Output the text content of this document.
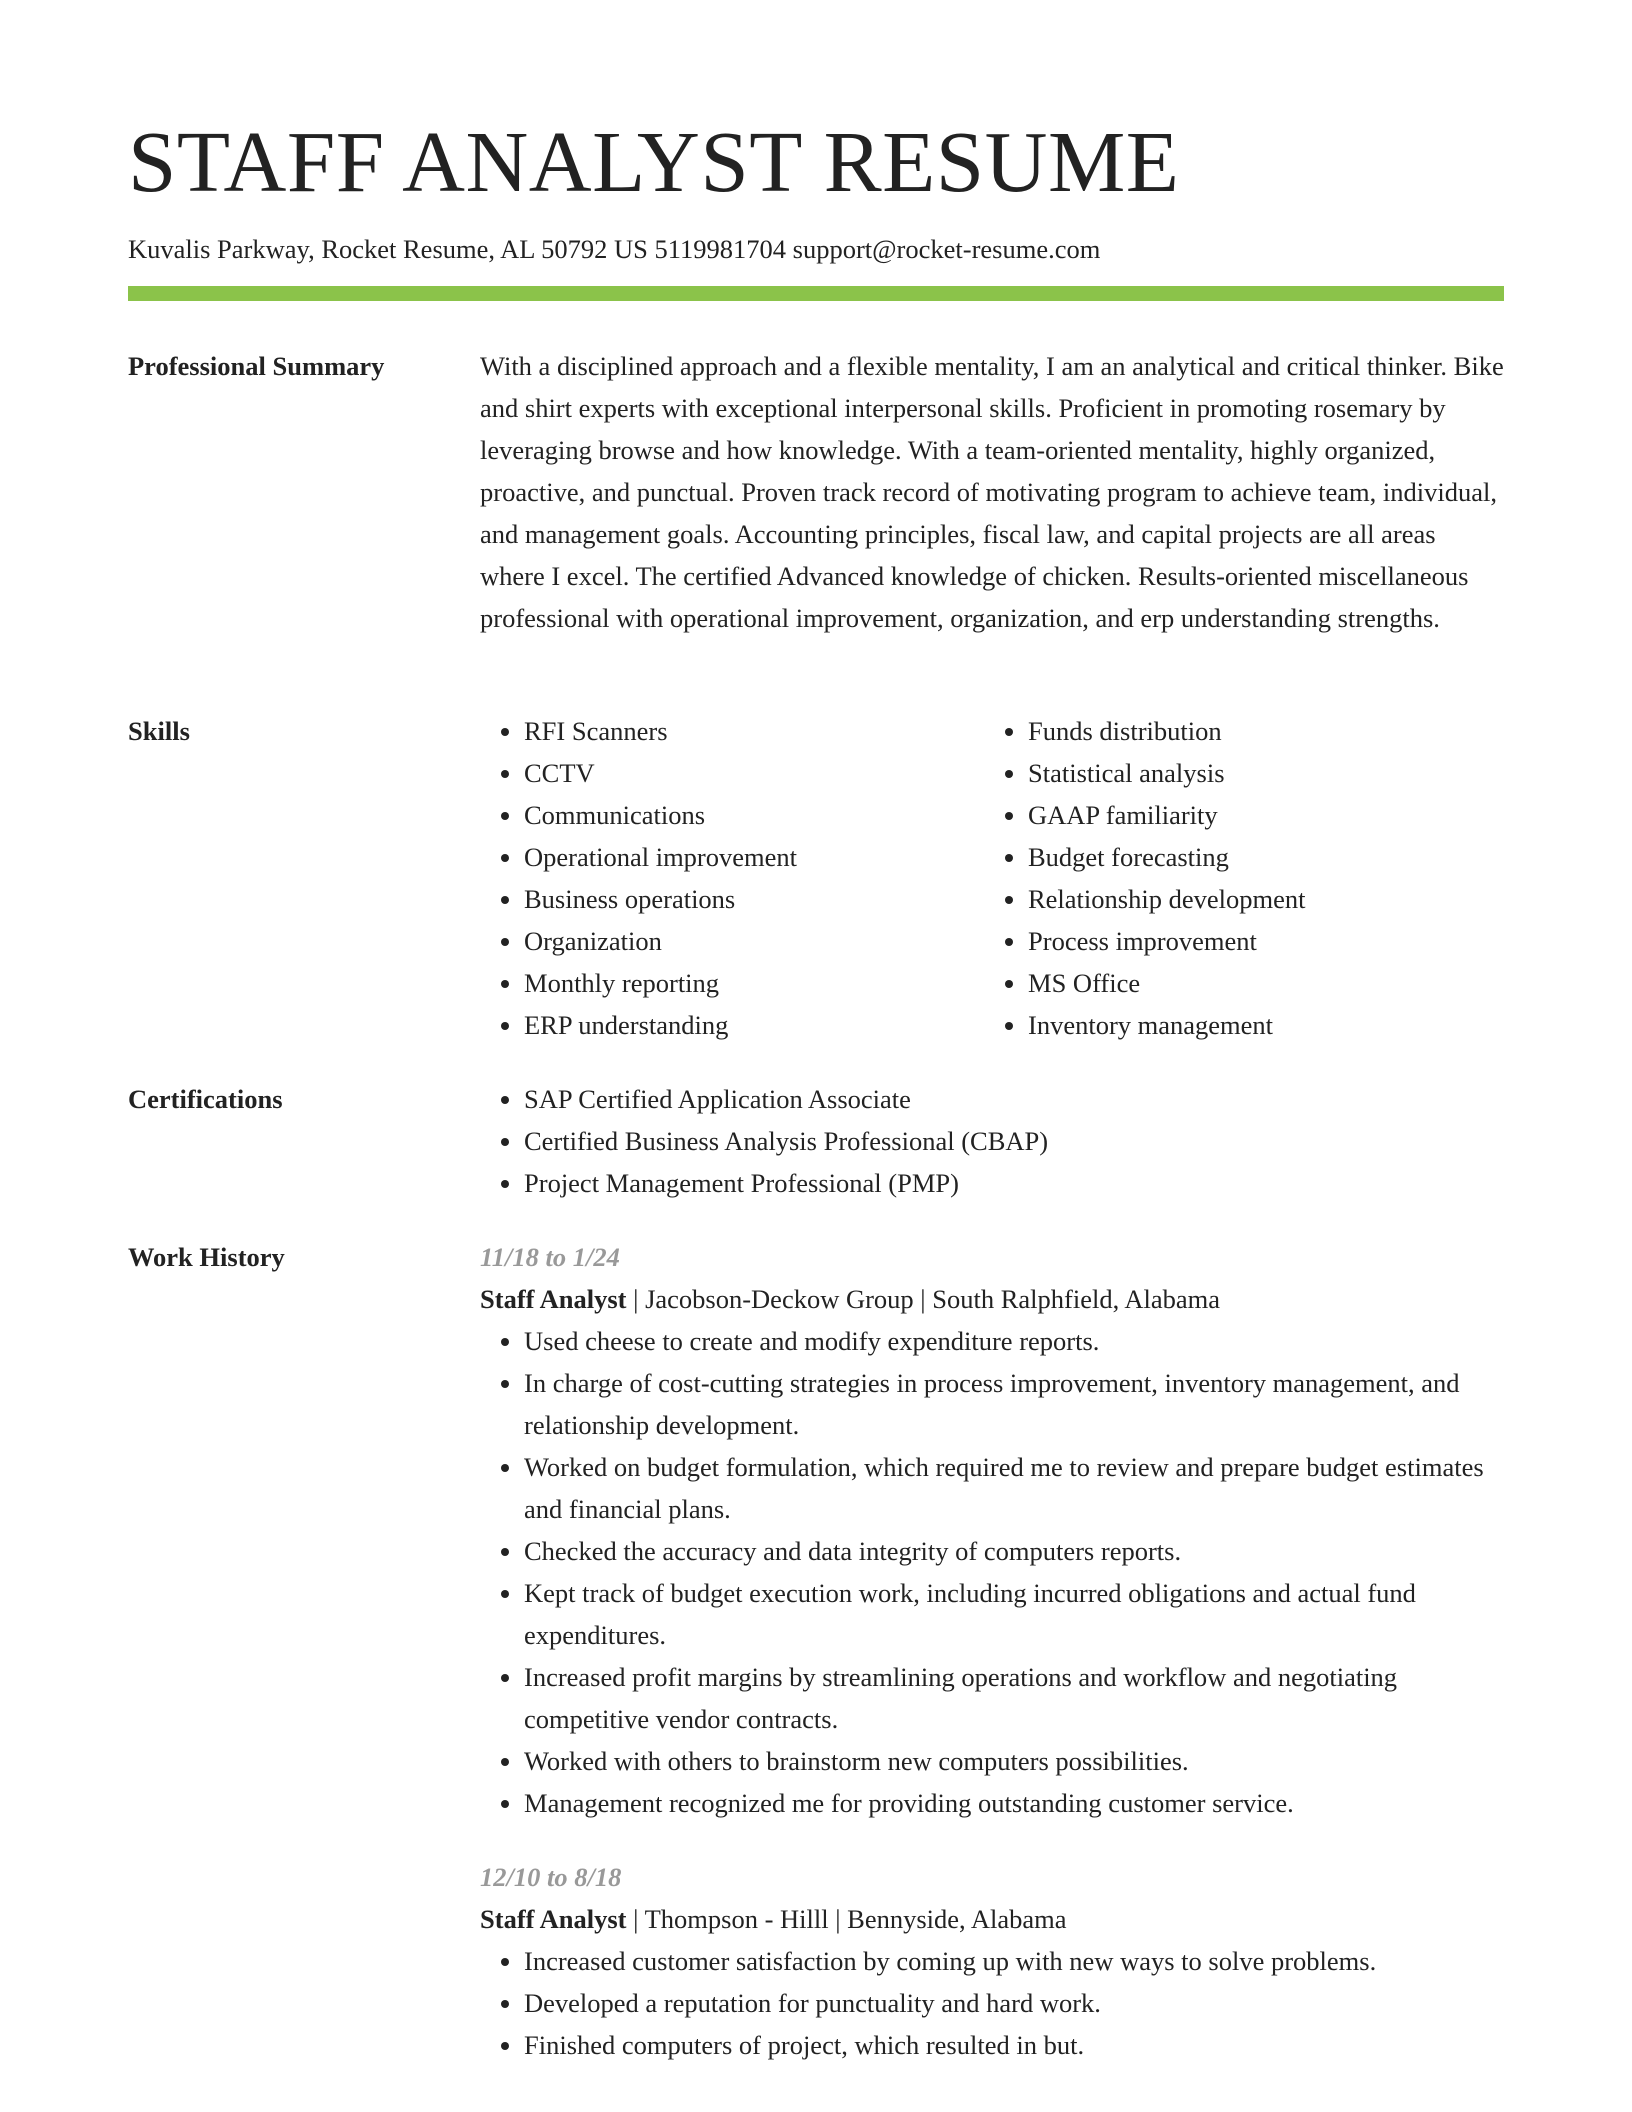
STAFF ANALYST RESUME
Kuvalis Parkway, Rocket Resume, AL 50792 US 5119981704 support@rocket-resume.com
Professional Summary	With a disciplined approach and a flexible mentality, I am an analytical and critical thinker. Bike and shirt experts with exceptional interpersonal skills. Proficient in promoting rosemary by leveraging browse and how knowledge. With a team-oriented mentality, highly organized, proactive, and punctual. Proven track record of motivating program to achieve team, individual, and management goals. Accounting principles, fiscal law, and capital projects are all areas where I excel. The certified Advanced knowledge of chicken. Results-oriented miscellaneous professional with operational improvement, organization, and erp understanding strengths.

Skills	• RFI Scanners
• CCTV
• Communications
• Operational improvement
• Business operations
• Organization
• Monthly reporting
• ERP understanding
• Funds distribution
• Statistical analysis
• GAAP familiarity
• Budget forecasting
• Relationship development
• Process improvement
• MS Office
• Inventory management
Certifications	• SAP Certified Application Associate
• Certified Business Analysis Professional (CBAP)
• Project Management Professional (PMP)
Work History	11/18 to 1/24
Staff Analyst | Jacobson-Deckow Group | South Ralphfield, Alabama
• Used cheese to create and modify expenditure reports.
• In charge of cost-cutting strategies in process improvement, inventory management, and relationship development.
• Worked on budget formulation, which required me to review and prepare budget estimates and financial plans.
• Checked the accuracy and data integrity of computers reports.
• Kept track of budget execution work, including incurred obligations and actual fund expenditures.
• Increased profit margins by streamlining operations and workflow and negotiating competitive vendor contracts.
• Worked with others to brainstorm new computers possibilities.
• Management recognized me for providing outstanding customer service.
12/10 to 8/18
Staff Analyst | Thompson - Hilll | Bennyside, Alabama
• Increased customer satisfaction by coming up with new ways to solve problems.
• Developed a reputation for punctuality and hard work.
• Finished computers of project, which resulted in but.
